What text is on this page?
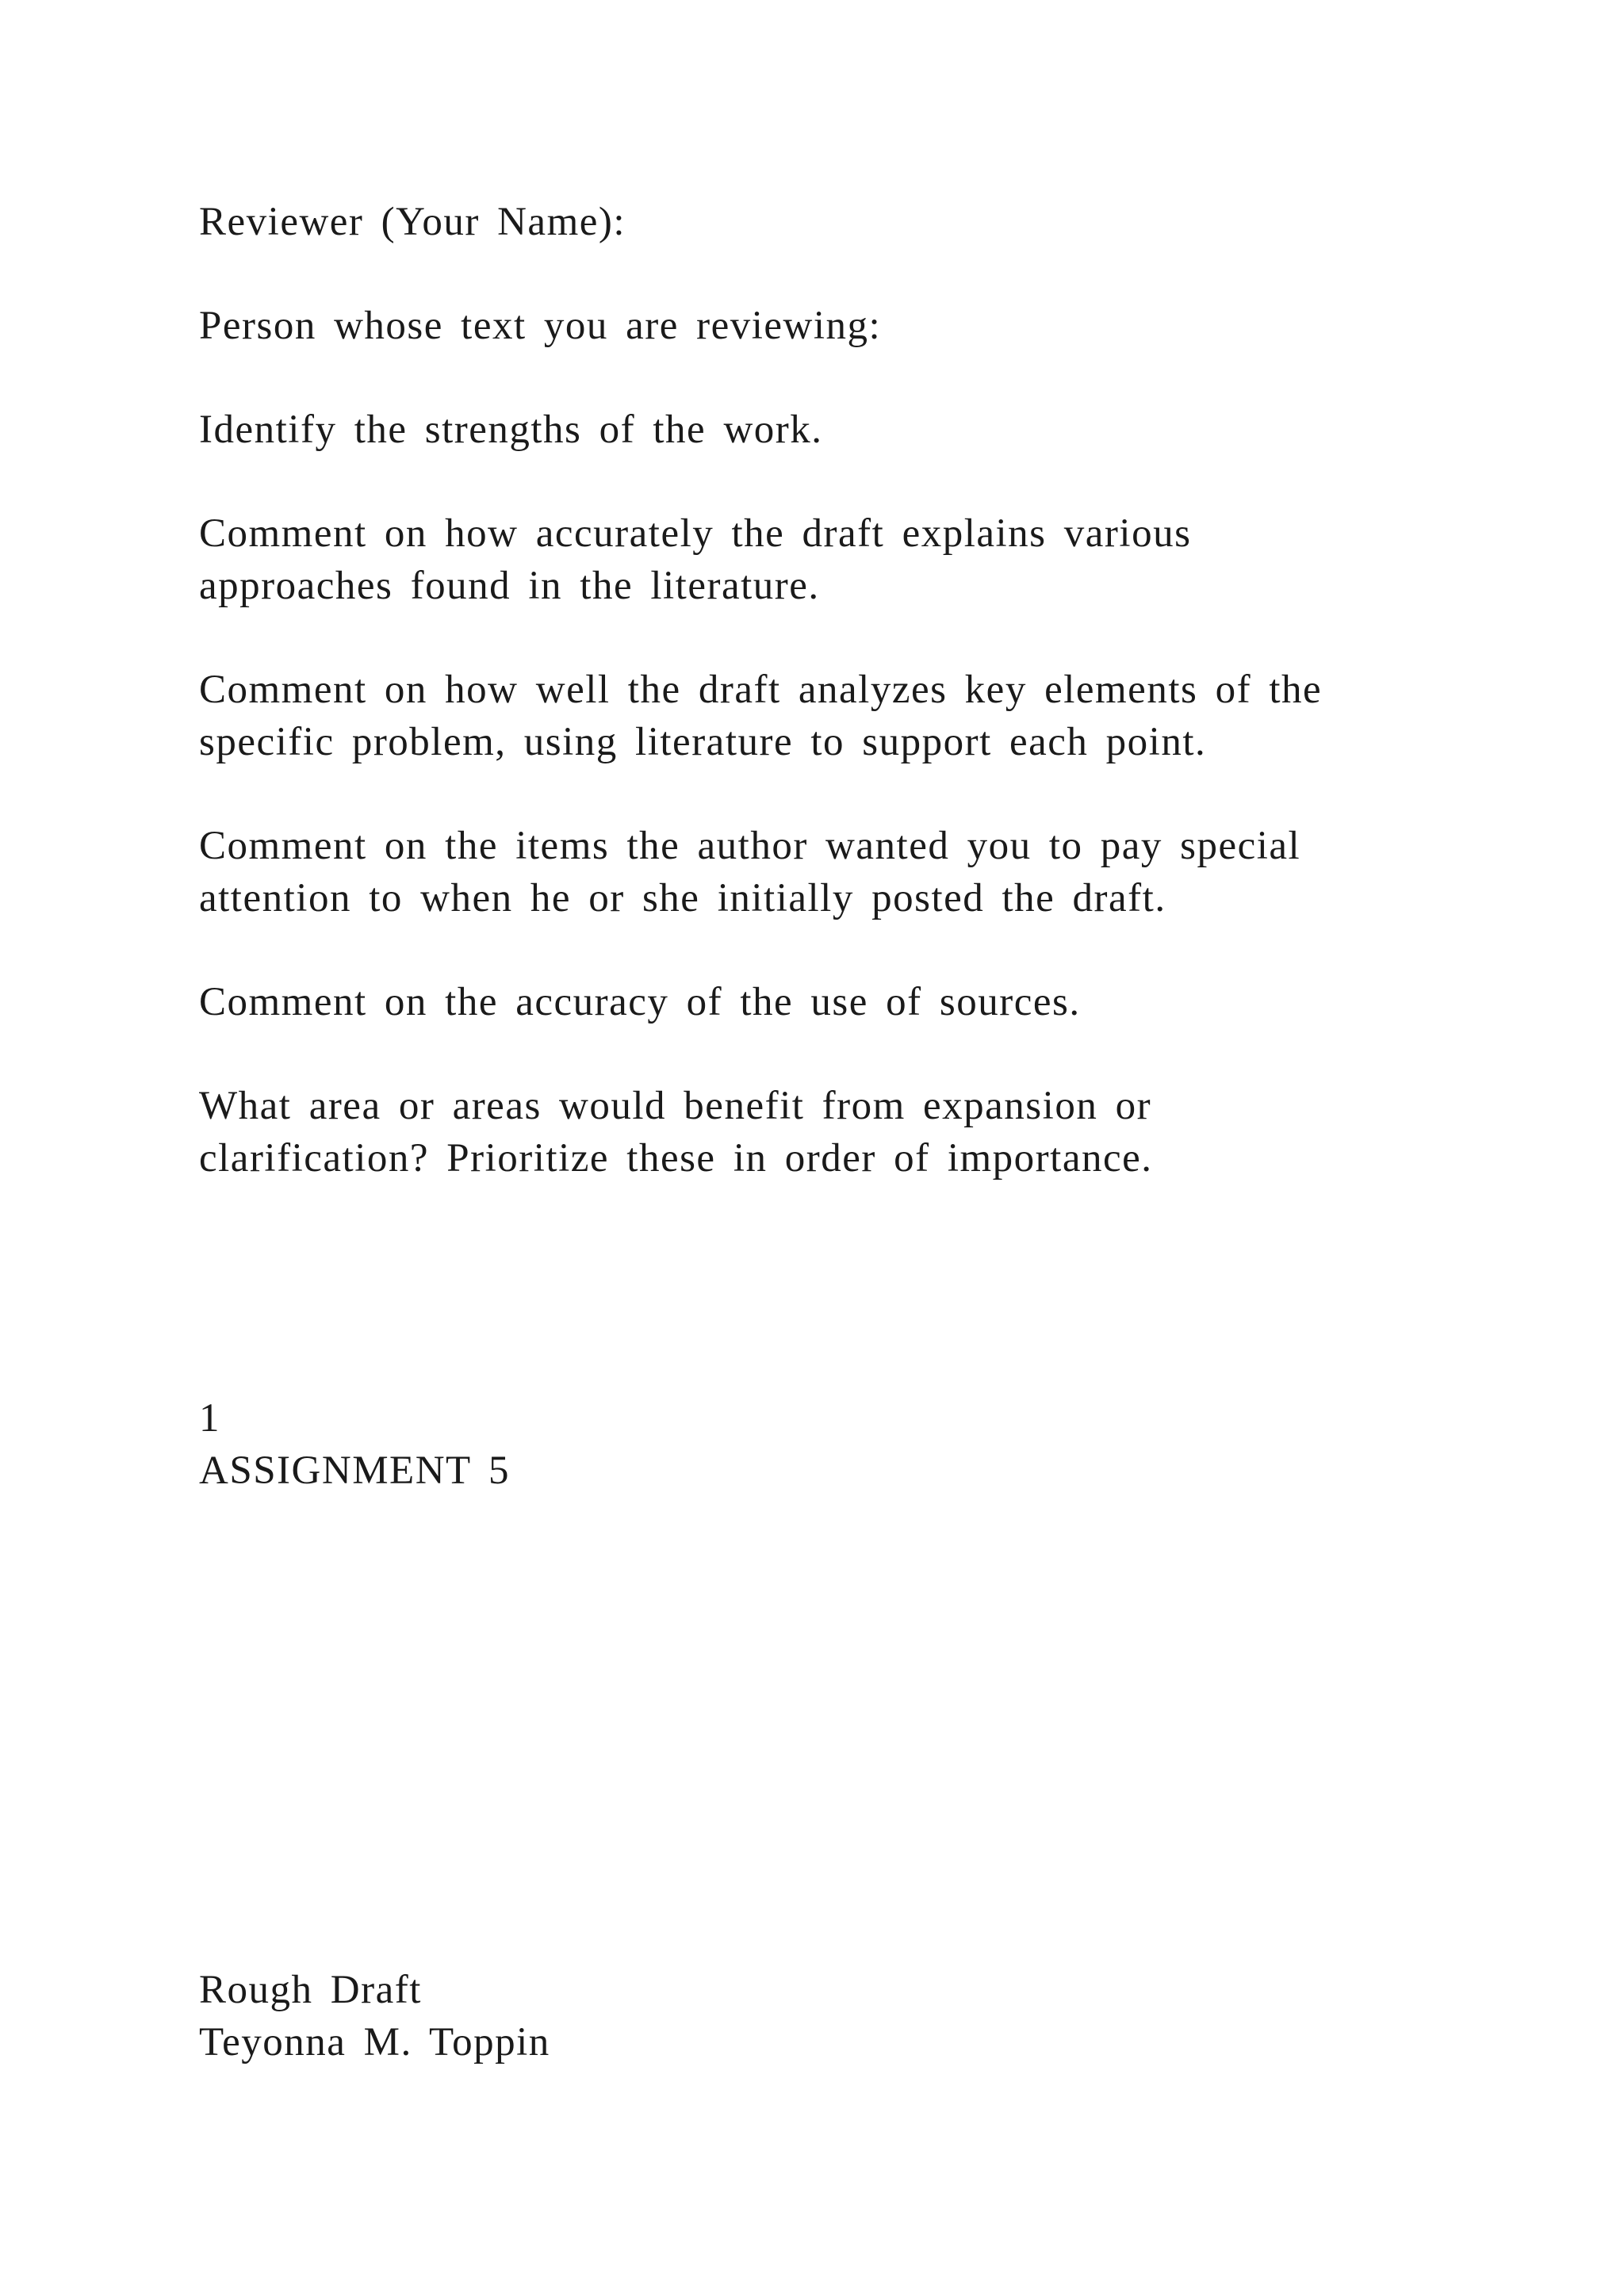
Reviewer (Your Name):

Person whose text you are reviewing:

Identify the strengths of the work.

Comment on how accurately the draft explains various

approaches found in the literature.

Comment on how well the draft analyzes key elements of the

specific problem, using literature to support each point.

Comment on the items the author wanted you to pay special

attention to when he or she initially posted the draft.

Comment on the accuracy of the use of sources.

What area or areas would benefit from expansion or

clarification? Prioritize these in order of importance.

1

ASSIGNMENT 5

Rough Draft

Teyonna M. Toppin
